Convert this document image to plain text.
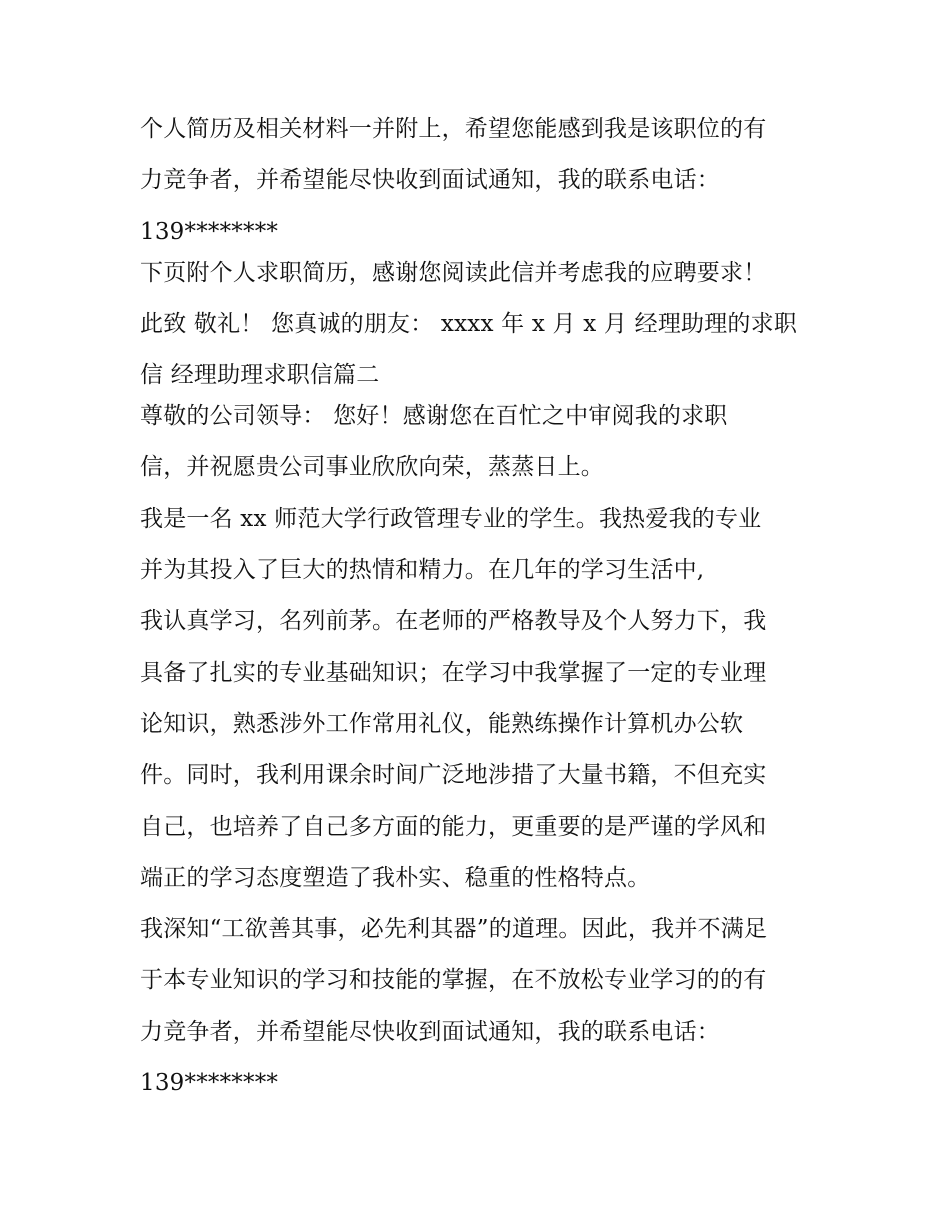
个人简历及相关材料一并附上，希望您能感到我是该职位的有
力竞争者，并希望能尽快收到面试通知，我的联系电话：
139********
下页附个人求职简历，感谢您阅读此信并考虑我的应聘要求！
此致 敬礼！ 您真诚的朋友： xxxx 年 x 月 x 月 经理助理的求职
信 经理助理求职信篇二
尊敬的公司领导： 您好！感谢您在百忙之中审阅我的求职
信，并祝愿贵公司事业欣欣向荣，蒸蒸日上。
我是一名 xx 师范大学行政管理专业的学生。我热爱我的专业
并为其投入了巨大的热情和精力。在几年的学习生活中,
我认真学习，名列前茅。在老师的严格教导及个人努力下，我
具备了扎实的专业基础知识；在学习中我掌握了一定的专业理
论知识，熟悉涉外工作常用礼仪，能熟练操作计算机办公软
件。同时，我利用课余时间广泛地涉措了大量书籍，不但充实
自己，也培养了自己多方面的能力，更重要的是严谨的学风和
端正的学习态度塑造了我朴实、稳重的性格特点。
我深知“工欲善其事，必先利其器”的道理。因此，我并不满足
于本专业知识的学习和技能的掌握，在不放松专业学习的的有
力竞争者，并希望能尽快收到面试通知，我的联系电话：
139********
